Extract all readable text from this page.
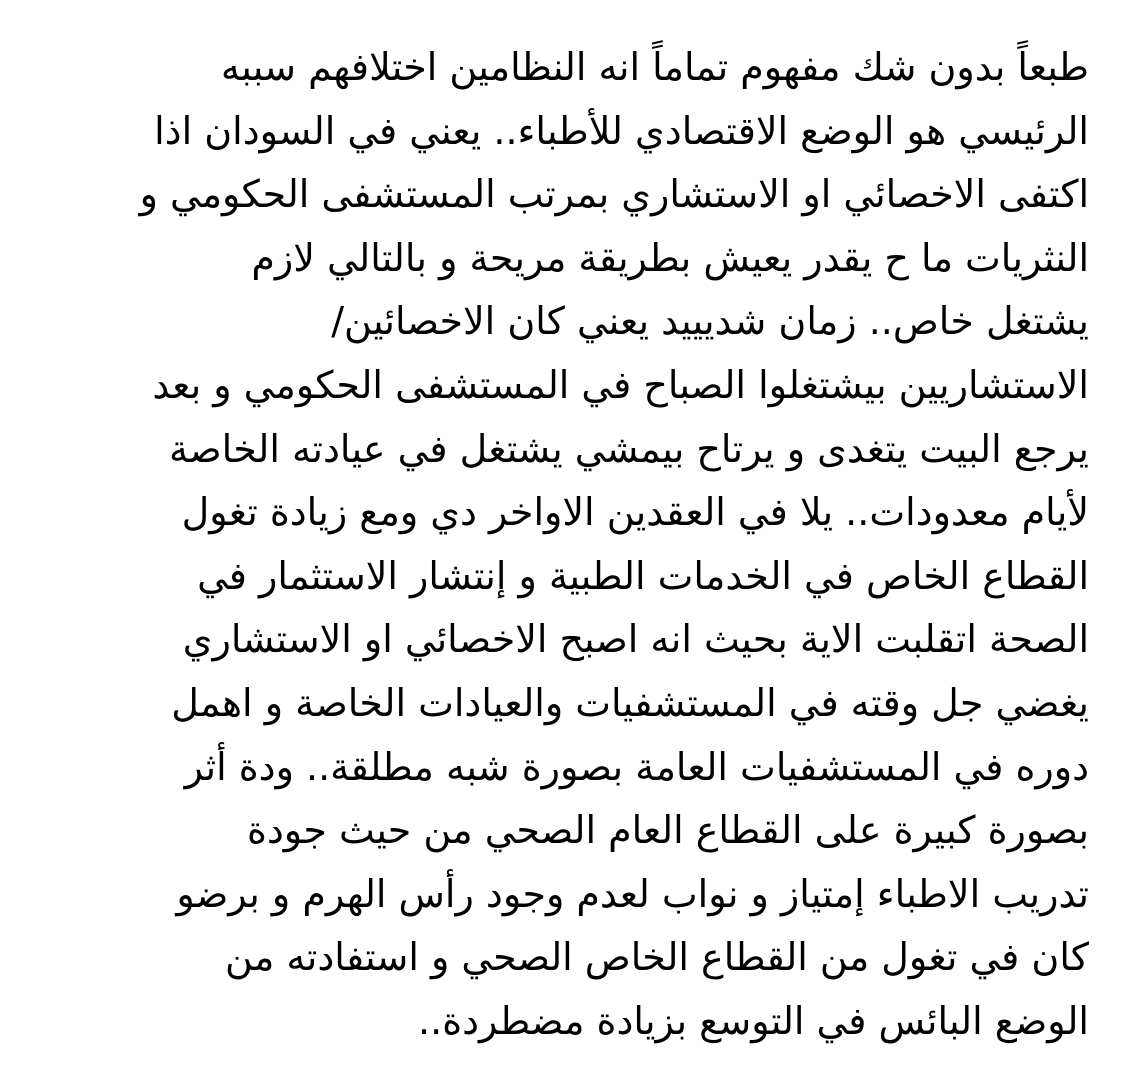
طبعاً بدون شك مفهوم تماماً انه النظامين اختلافهم سببه
الرئيسي هو الوضع الاقتصادي للأطباء.. يعني في السودان اذا
اكتفى الاخصائي او الاستشاري بمرتب المستشفى الحكومي و
النثريات ما ح يقدر يعيش بطريقة مريحة و بالتالي لازم
يشتغل خاص.. زمان شديييد يعني كان الاخصائين/
الاستشاريين بيشتغلوا الصباح في المستشفى الحكومي و بعد
يرجع البيت يتغدى و يرتاح بيمشي يشتغل في عيادته الخاصة
لأيام معدودات.. يلا في العقدين الاواخر دي ومع زيادة تغول
القطاع الخاص في الخدمات الطبية و إنتشار الاستثمار في
الصحة اتقلبت الاية بحيث انه اصبح الاخصائي او الاستشاري
يغضي جل وقته في المستشفيات والعيادات الخاصة و اهمل
دوره في المستشفيات العامة بصورة شبه مطلقة.. ودة أثر
بصورة كبيرة على القطاع العام الصحي من حيث جودة
تدريب الاطباء إمتياز و نواب لعدم وجود رأس الهرم و برضو
كان في تغول من القطاع الخاص الصحي و استفادته من
الوضع البائس في التوسع بزيادة مضطردة..
